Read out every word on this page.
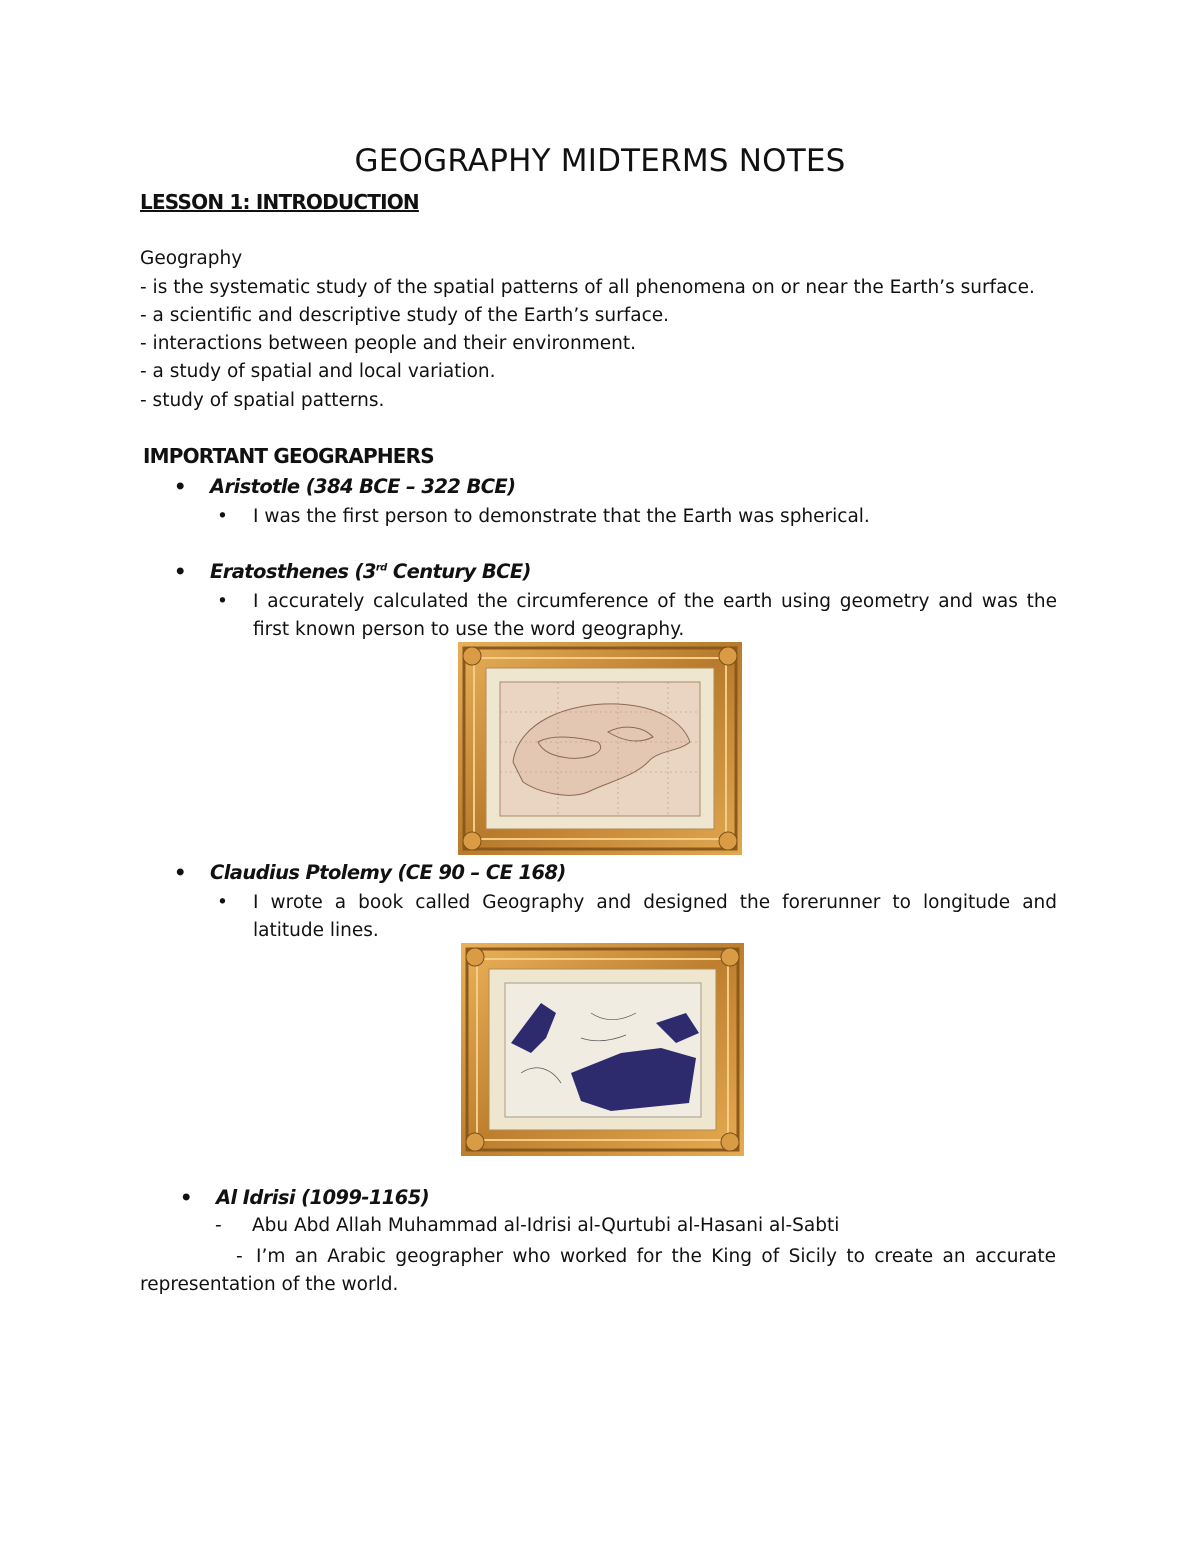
GEOGRAPHY MIDTERMS NOTES
LESSON 1: INTRODUCTION
Geography
- is the systematic study of the spatial patterns of all phenomena on or near the Earth’s surface.
- a scientific and descriptive study of the Earth’s surface.
- interactions between people and their environment.
- a study of spatial and local variation.
- study of spatial patterns.
IMPORTANT GEOGRAPHERS
• Aristotle (384 BCE – 322 BCE)
•	I was the first person to demonstrate that the Earth was spherical.
• Eratosthenes (3rd Century BCE)
•	I accurately calculated the circumference of the earth using geometry and was the first known person to use the word geography.
• Claudius Ptolemy (CE 90 – CE 168)
•	I wrote a book called Geography and designed the forerunner to longitude and latitude lines.
• Al Idrisi (1099-1165)
- Abu Abd Allah Muhammad al-Idrisi al-Qurtubi al-Hasani al-Sabti
- I’m an Arabic geographer who worked for the King of Sicily to create an accurate representation of the world.
